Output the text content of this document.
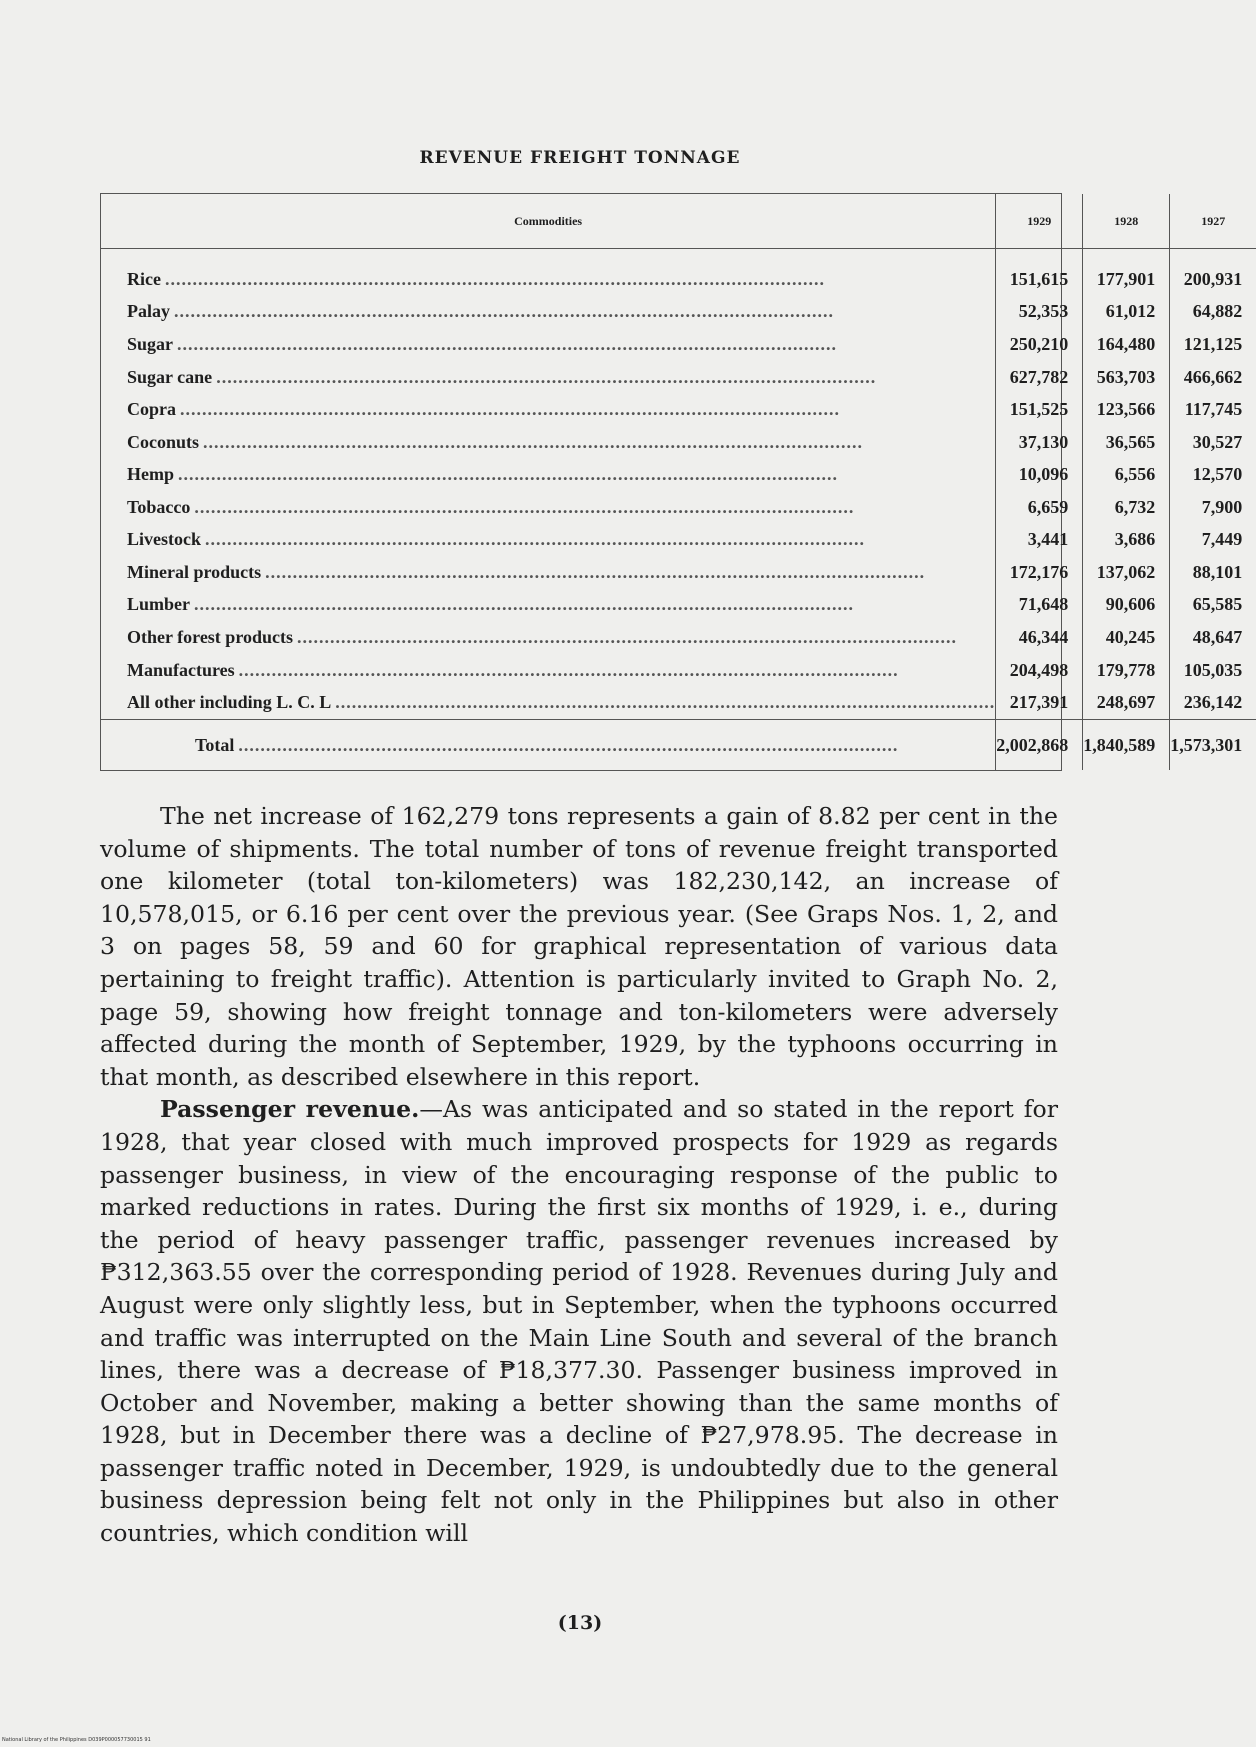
REVENUE FREIGHT TONNAGE
Commodities	1929	1928	1927
Rice ........................................................................................................................	151,615	177,901	200,931
Palay ........................................................................................................................	52,353	61,012	64,882
Sugar ........................................................................................................................	250,210	164,480	121,125
Sugar cane ........................................................................................................................	627,782	563,703	466,662
Copra ........................................................................................................................	151,525	123,566	117,745
Coconuts ........................................................................................................................	37,130	36,565	30,527
Hemp ........................................................................................................................	10,096	6,556	12,570
Tobacco ........................................................................................................................	6,659	6,732	7,900
Livestock ........................................................................................................................	3,441	3,686	7,449
Mineral products ........................................................................................................................	172,176	137,062	88,101
Lumber ........................................................................................................................	71,648	90,606	65,585
Other forest products ........................................................................................................................	46,344	40,245	48,647
Manufactures ........................................................................................................................	204,498	179,778	105,035
All other including L. C. L ........................................................................................................................	217,391	248,697	236,142
Total ........................................................................................................................	2,002,868	1,840,589	1,573,301

The net increase of 162,279 tons represents a gain of 8.82 per cent in the volume of shipments. The total number of tons of revenue freight transported one kilometer (total ton-kilometers) was 182,230,142, an increase of 10,578,015, or 6.16 per cent over the previous year. (See Graps Nos. 1, 2, and 3 on pages 58, 59 and 60 for graphical representation of various data pertaining to freight traffic). Attention is particularly invited to Graph No. 2, page 59, showing how freight tonnage and ton-kilometers were adversely affected during the month of September, 1929, by the typhoons occurring in that month, as described elsewhere in this report.

Passenger revenue.—As was anticipated and so stated in the report for 1928, that year closed with much improved prospects for 1929 as regards passenger business, in view of the encouraging response of the public to marked reductions in rates. During the first six months of 1929, i. e., during the period of heavy passenger traffic, passenger revenues increased by ₱312,363.55 over the corresponding period of 1928. Revenues during July and August were only slightly less, but in September, when the typhoons occurred and traffic was interrupted on the Main Line South and several of the branch lines, there was a decrease of ₱18,377.30. Passenger business improved in October and November, making a better showing than the same months of 1928, but in December there was a decline of ₱27,978.95. The decrease in passenger traffic noted in December, 1929, is undoubtedly due to the general business depression being felt not only in the Philippines but also in other countries, which condition will

(13)
National Library of the Philippines D039P000057730015 91
